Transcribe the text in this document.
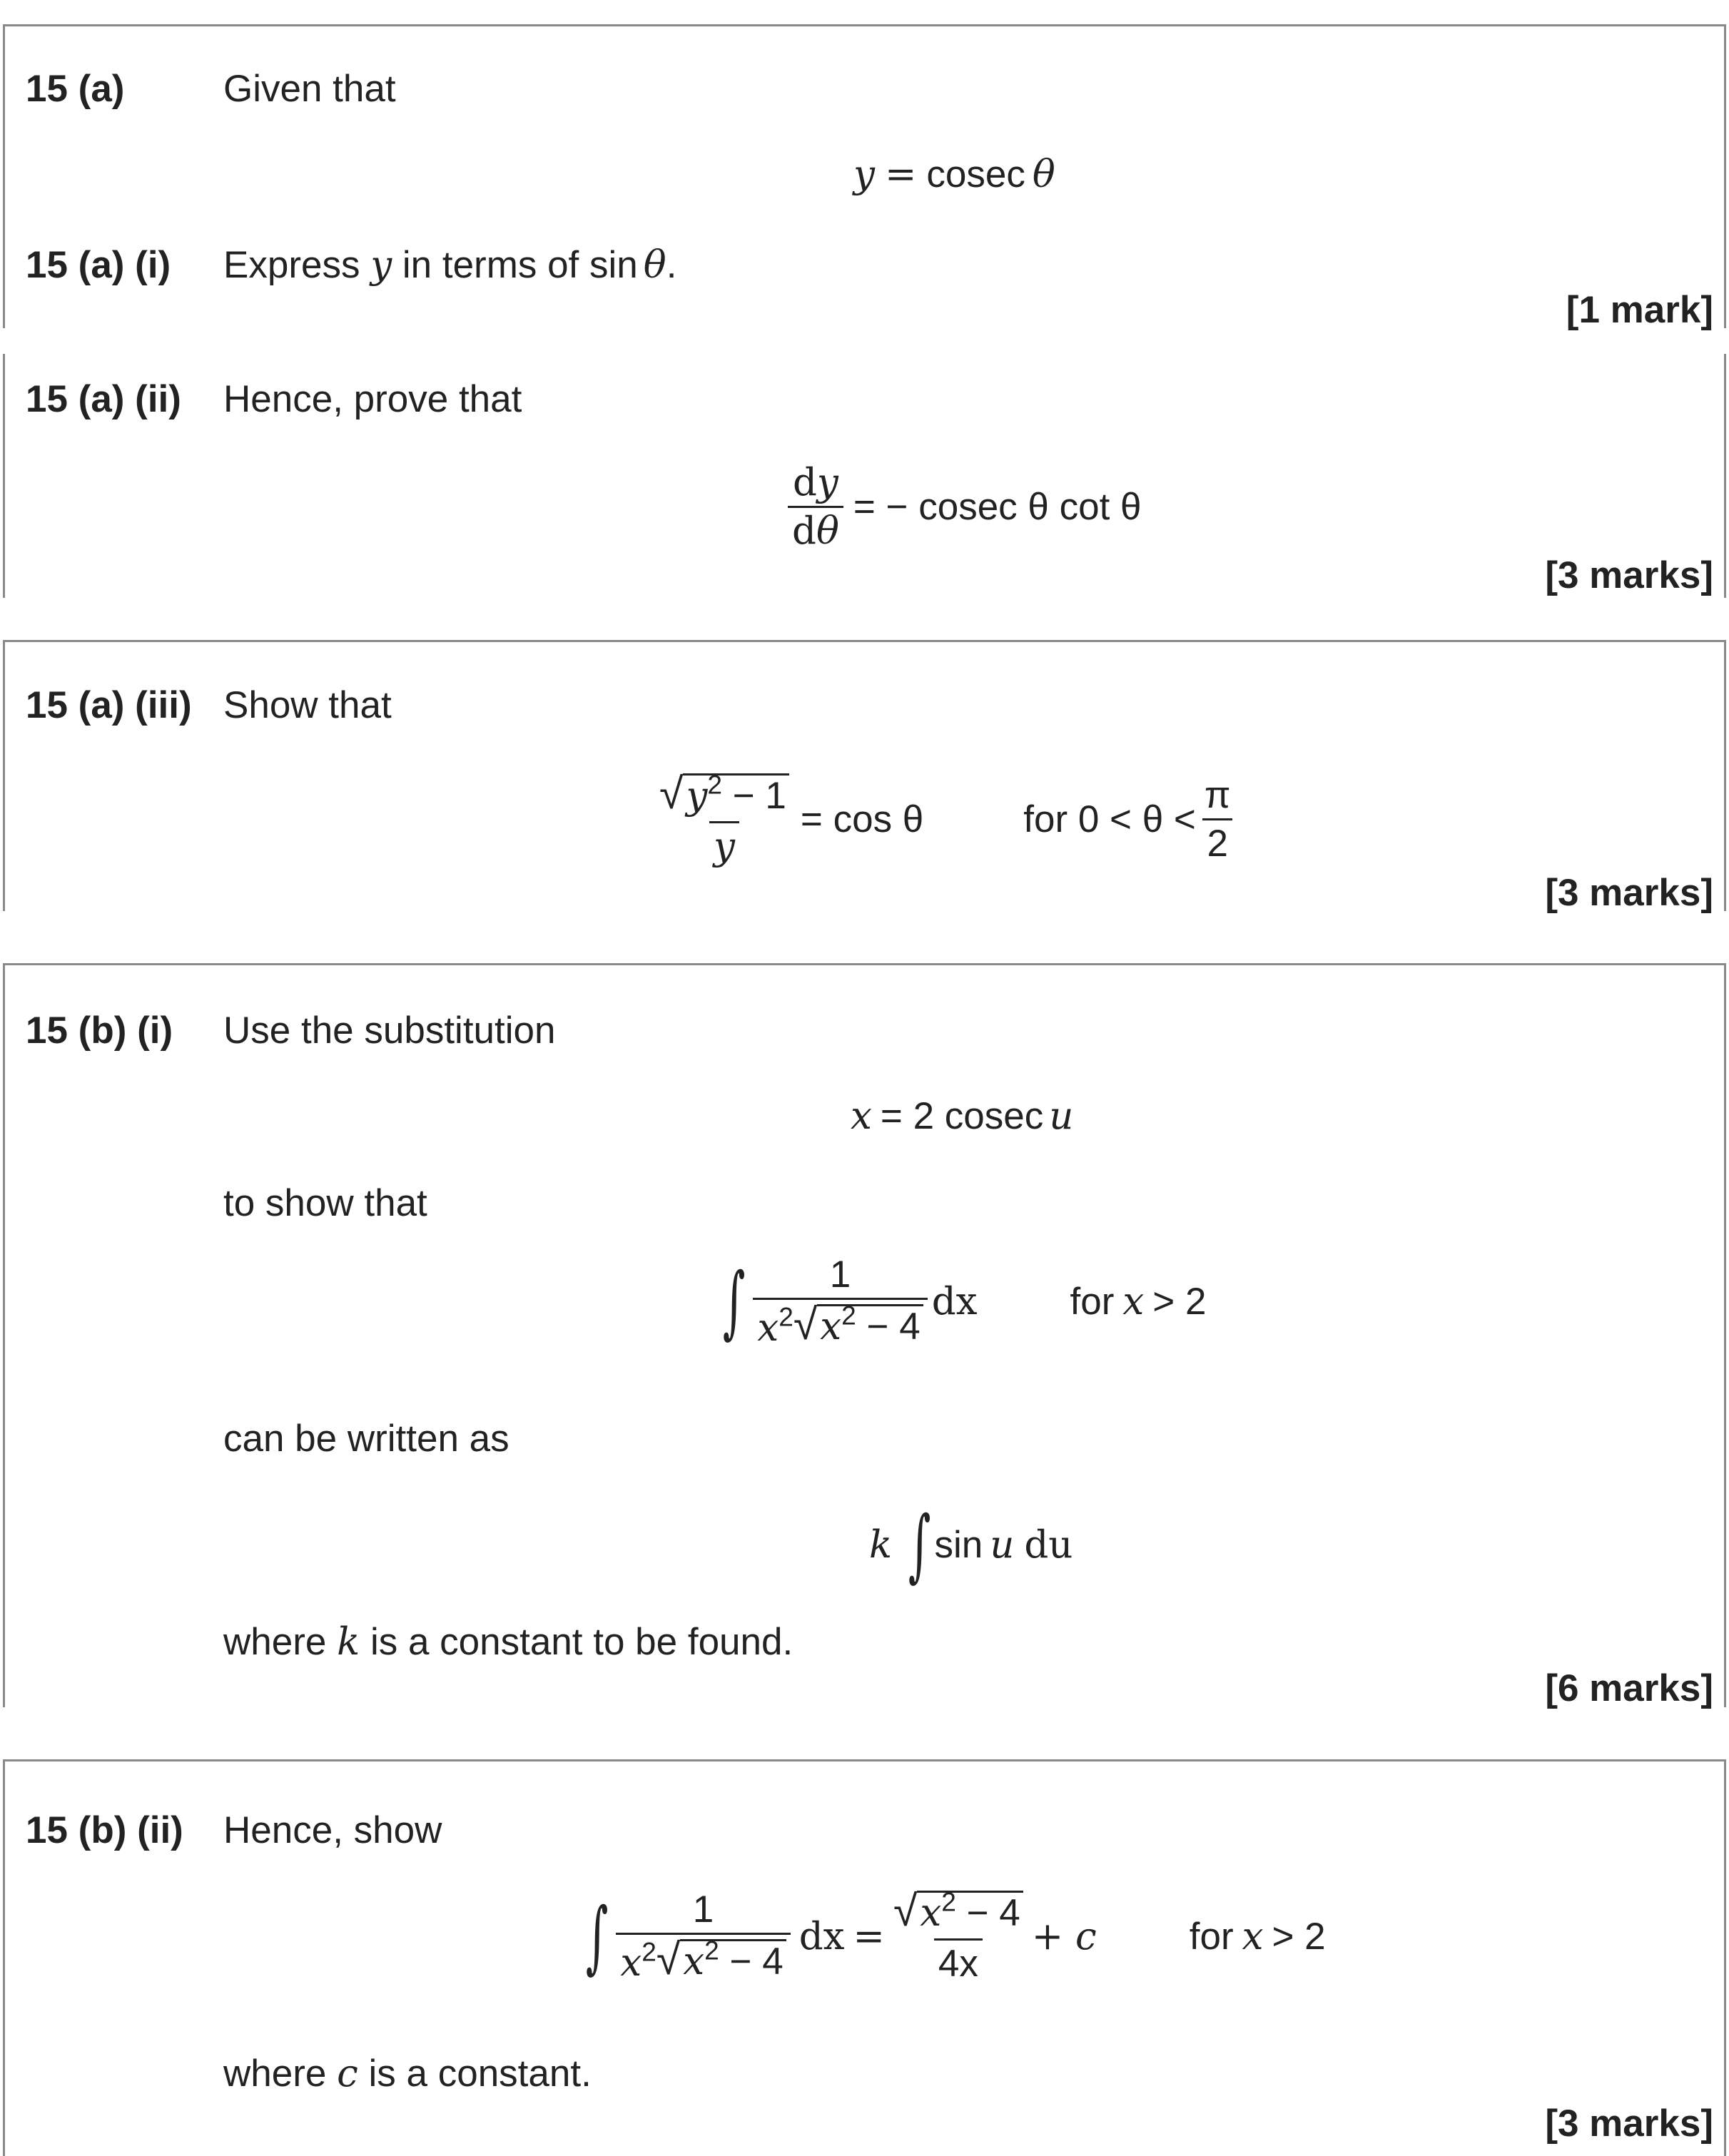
15 (a)	Given that
y = cosec θ
15 (a) (i) Express y in terms of sin θ.
[1 mark]
15 (a) (ii) Hence, prove that
$\frac{dy}{d\theta}$ = − cosec θ cot θ
[3 marks]
15 (a) (iii) Show that
$\frac{√ y^2 - 1}{y} = \cos \theta$	for $0 < \theta < \frac{\pi}{2}$
[3 marks]
15 (b) (i) Use the substitution
x = 2 cosec u
to show that
∫ $\frac{1}{x^2 √ x^2 - 4}$ dx for x > 2
can be written as
k ∫ sin u du
where k is a constant to be found.
[6 marks]
15 (b) (ii) Hence, show
∫ $\frac{1}{x^2 √ x^2 - 4}$ dx = $\frac{√ x^2 - 4}{4x} + c$ for x > 2
where c is a constant.
[3 marks]
